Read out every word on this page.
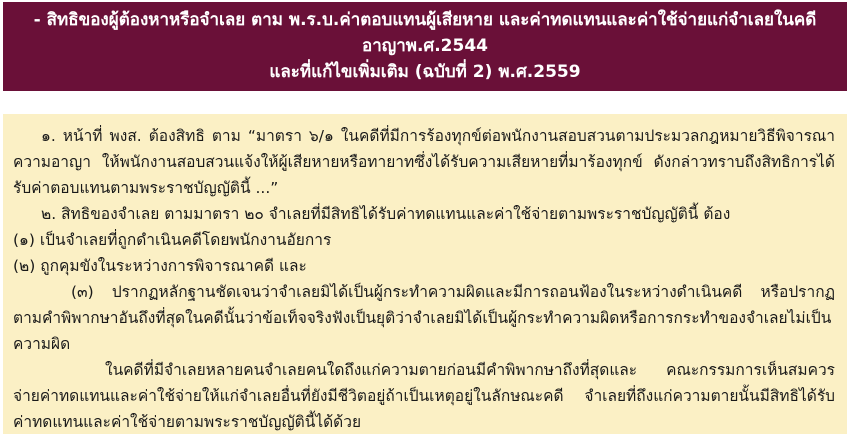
- สิทธิของผู้ต้องหาหรือจำเลย ตาม พ.ร.บ.ค่าตอบแทนผู้เสียหาย และค่าทดแทนและค่าใช้จ่ายแก่จำเลยในคดีอาญาพ.ศ.2544
และที่แก้ไขเพิ่มเติม (ฉบับที่ 2) พ.ศ.2559

๑. หน้าที่ พงส. ต้องสิทธิ ตาม “มาตรา ๖/๑ ในคดีที่มีการร้องทุกข์ต่อพนักงานสอบสวนตามประมวลกฎหมายวิธีพิจารณาความอาญา ให้พนักงานสอบสวนแจ้งให้ผู้เสียหายหรือทายาทซึ่งได้รับความเสียหายที่มาร้องทุกข์ ดังกล่าวทราบถึงสิทธิการได้รับค่าตอบแทนตามพระราชบัญญัตินี้ ...”

๒. สิทธิของจำเลย ตามมาตรา ๒๐ จำเลยที่มีสิทธิได้รับค่าทดแทนและค่าใช้จ่ายตามพระราชบัญญัตินี้ ต้อง

(๑) เป็นจำเลยที่ถูกดำเนินคดีโดยพนักงานอัยการ

(๒) ถูกคุมขังในระหว่างการพิจารณาคดี และ

(๓) ปรากฏหลักฐานชัดเจนว่าจำเลยมิได้เป็นผู้กระทำความผิดและมีการถอนฟ้องในระหว่างดำเนินคดี หรือปรากฏตามคำพิพากษาอันถึงที่สุดในคดีนั้นว่าข้อเท็จจริงฟังเป็นยุติว่าจำเลยมิได้เป็นผู้กระทำความผิดหรือการกระทำของจำเลยไม่เป็นความผิด

ในคดีที่มีจำเลยหลายคนจำเลยคนใดถึงแก่ความตายก่อนมีคำพิพากษาถึงที่สุดและ คณะกรรมการเห็นสมควรจ่ายค่าทดแทนและค่าใช้จ่ายให้แก่จำเลยอื่นที่ยังมีชีวิตอยู่ถ้าเป็นเหตุอยู่ในลักษณะคดี จำเลยที่ถึงแก่ความตายนั้นมีสิทธิได้รับค่าทดแทนและค่าใช้จ่ายตามพระราชบัญญัตินี้ได้ด้วย
